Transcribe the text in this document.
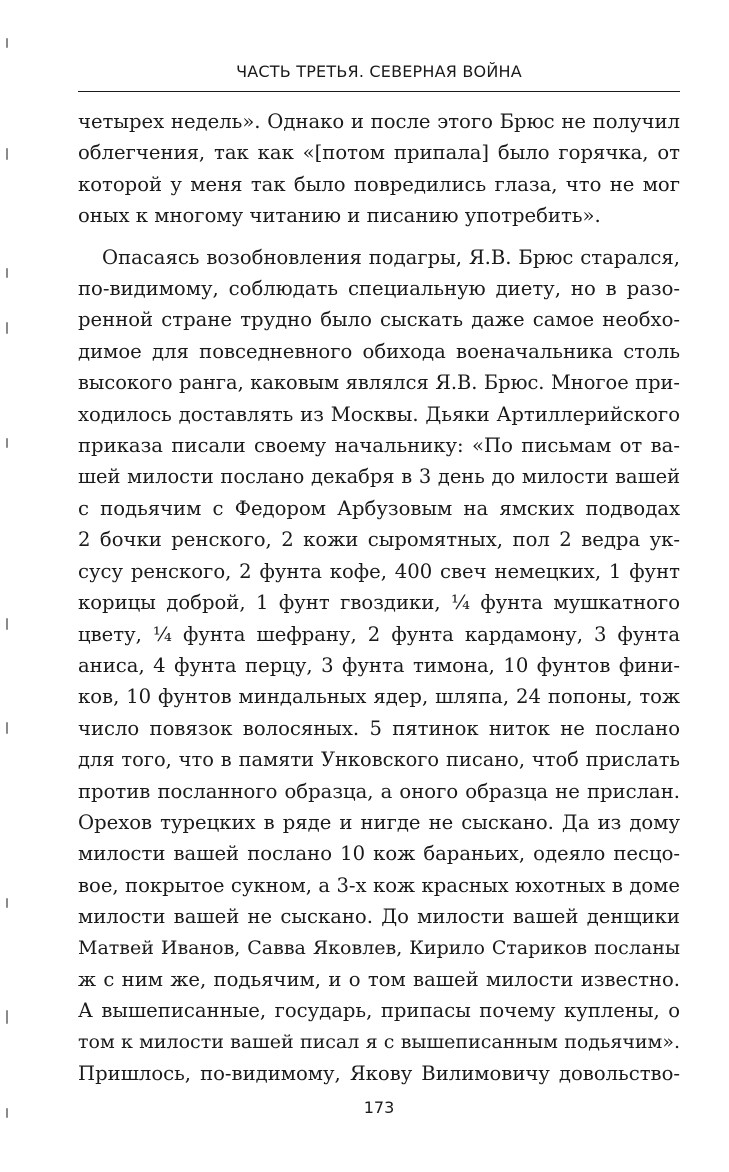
ЧАСТЬ ТРЕТЬЯ. СЕВЕРНАЯ ВОЙНА
четырех недель». Однако и после этого Брюс не получил
облегчения, так как «[потом припала] было горячка, от
которой у меня так было повредились глаза, что не мог
оных к многому читанию и писанию употребить».
Опасаясь возобновления подагры, Я.В. Брюс старался,
по-видимому, соблюдать специальную диету, но в разо-
ренной стране трудно было сыскать даже самое необхо-
димое для повседневного обихода военачальника столь
высокого ранга, каковым являлся Я.В. Брюс. Многое при-
ходилось доставлять из Москвы. Дьяки Артиллерийского
приказа писали своему начальнику: «По письмам от ва-
шей милости послано декабря в 3 день до милости вашей
с подьячим с Федором Арбузовым на ямских подводах
2 бочки ренского, 2 кожи сыромятных, пол 2 ведра ук-
сусу ренского, 2 фунта кофе, 400 свеч немецких, 1 фунт
корицы доброй, 1 фунт гвоздики, ¼ фунта мушкатного
цвету, ¼ фунта шефрану, 2 фунта кардамону, 3 фунта
аниса, 4 фунта перцу, 3 фунта тимона, 10 фунтов фини-
ков, 10 фунтов миндальных ядер, шляпа, 24 попоны, тож
число повязок волосяных. 5 пятинок ниток не послано
для того, что в памяти Унковского писано, чтоб прислать
против посланного образца, а оного образца не прислан.
Орехов турецких в ряде и нигде не сыскано. Да из дому
милости вашей послано 10 кож бараньих, одеяло песцо-
вое, покрытое сукном, а 3-х кож красных юхотных в доме
милости вашей не сыскано. До милости вашей денщики
Матвей Иванов, Савва Яковлев, Кирило Стариков посланы
ж с ним же, подьячим, и о том вашей милости известно.
А вышеписанные, государь, припасы почему куплены, о
том к милости вашей писал я с вышеписанным подьячим».
Пришлось, по-видимому, Якову Вилимовичу довольство-
173
